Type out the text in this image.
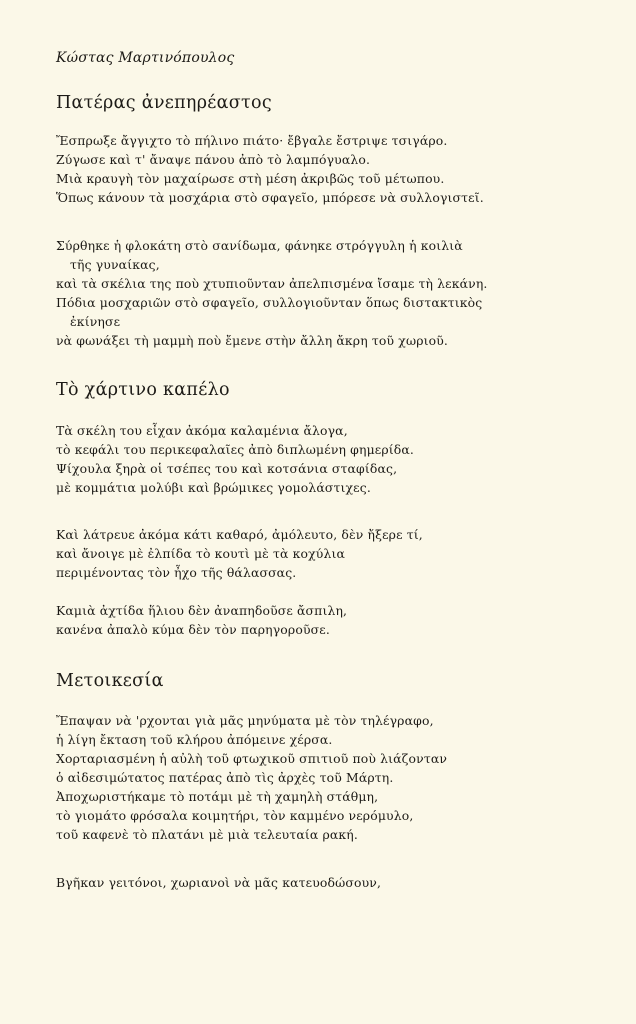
Κώστας Μαρτινόπουλος
Πατέρας ἀνεπηρέαστος
Ἔσπρωξε ἄγγιχτο τὸ πήλινο πιάτο· ἔβγαλε ἔστριψε τσιγάρο.
Ζύγωσε καὶ τ' ἄναψε πάνου ἀπὸ τὸ λαμπόγυαλο.
Μιὰ κραυγὴ τὸν μαχαίρωσε στὴ μέση ἀκριβῶς τοῦ μέτωπου.
Ὅπως κάνουν τὰ μοσχάρια στὸ σφαγεῖο, μπόρεσε νὰ συλλογιστεῖ.
Σύρθηκε ἡ φλοκάτη στὸ σανίδωμα, φάνηκε στρόγγυλη ἡ κοιλιὰ
τῆς γυναίκας,
καὶ τὰ σκέλια της ποὺ χτυπιοῦνταν ἀπελπισμένα ἴσαμε τὴ λεκάνη.
Πόδια μοσχαριῶν στὸ σφαγεῖο, συλλογιοῦνταν ὅπως διστακτικὸς
ἐκίνησε
νὰ φωνάξει τὴ μαμμὴ ποὺ ἔμενε στὴν ἄλλη ἄκρη τοῦ χωριοῦ.
Τὸ χάρτινο καπέλο
Τὰ σκέλη του εἶχαν ἀκόμα καλαμένια ἄλογα,
τὸ κεφάλι του περικεφαλαῖες ἀπὸ διπλωμένη φημερίδα.
Ψίχουλα ξηρὰ οἱ τσέπες του καὶ κοτσάνια σταφίδας,
μὲ κομμάτια μολύβι καὶ βρώμικες γομολάστιχες.
Καὶ λάτρευε ἀκόμα κάτι καθαρό, ἀμόλευτο, δὲν ἤξερε τί,
καὶ ἄνοιγε μὲ ἐλπίδα τὸ κουτὶ μὲ τὰ κοχύλια
περιμένοντας τὸν ἦχο τῆς θάλασσας.
Καμιὰ ἀχτίδα ἥλιου δὲν ἀναπηδοῦσε ἄσπιλη,
κανένα ἀπαλὸ κύμα δὲν τὸν παρηγοροῦσε.
Μετοικεσία
Ἔπαψαν νὰ 'ρχονται γιὰ μᾶς μηνύματα μὲ τὸν τηλέγραφο,
ἡ λίγη ἔκταση τοῦ κλήρου ἀπόμεινε χέρσα.
Χορταριασμένη ἡ αὐλὴ τοῦ φτωχικοῦ σπιτιοῦ ποὺ λιάζονταν
ὁ αἰδεσιμώτατος πατέρας ἀπὸ τὶς ἀρχὲς τοῦ Μάρτη.
Ἀποχωριστήκαμε τὸ ποτάμι μὲ τὴ χαμηλὴ στάθμη,
τὸ γιομάτο φρόσαλα κοιμητήρι, τὸν καμμένο νερόμυλο,
τοῦ καφενὲ τὸ πλατάνι μὲ μιὰ τελευταία ρακή.
Βγῆκαν γειτόνοι, χωριανοὶ νὰ μᾶς κατευοδώσουν,
